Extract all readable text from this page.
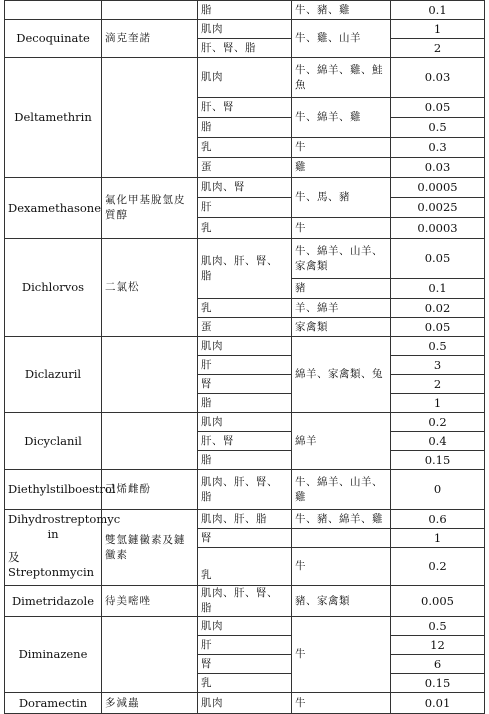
		脂	牛、豬、雞	0.1
Decoquinate	滴克奎諾	肌肉	牛、雞、山羊	1
		肝、腎、脂		2
Deltamethrin		肌肉	牛、綿羊、雞、鮭魚	0.03
		肝、腎	牛、綿羊、雞	0.05
		脂		0.5
		乳	牛	0.3
		蛋	雞	0.03
Dexamethasone	氟化甲基脫氫皮質醇	肌肉、腎	牛、馬、豬	0.0005
		肝		0.0025
		乳	牛	0.0003
Dichlorvos	二氯松	肌肉、肝、腎、脂	牛、綿羊、山羊、家禽類	0.05
			豬	0.1
		乳	羊、綿羊	0.02
		蛋	家禽類	0.05
Diclazuril		肌肉	綿羊、家禽類、兔	0.5
		肝		3
		腎		2
		脂		1
Dicyclanil		肌肉	綿羊	0.2
		肝、腎		0.4
		脂		0.15
Diethylstilboestrol	己烯雌酚	肌肉、肝、腎、脂	牛、綿羊、山羊、雞	0

Dihydrostreptomyc
in
及 Streptonmycin	雙氫鏈黴素及鏈黴素	肌肉、肝、脂	牛、豬、綿羊、雞	0.6
		腎		1
		乳	牛	0.2
Dimetridazole	待美嘧唑	肌肉、肝、腎、脂	豬、家禽類	0.005
Diminazene		肌肉	牛	0.5
		肝		12
		腎		6
		乳		0.15
Doramectin	多減蟲	肌肉	牛	0.01
